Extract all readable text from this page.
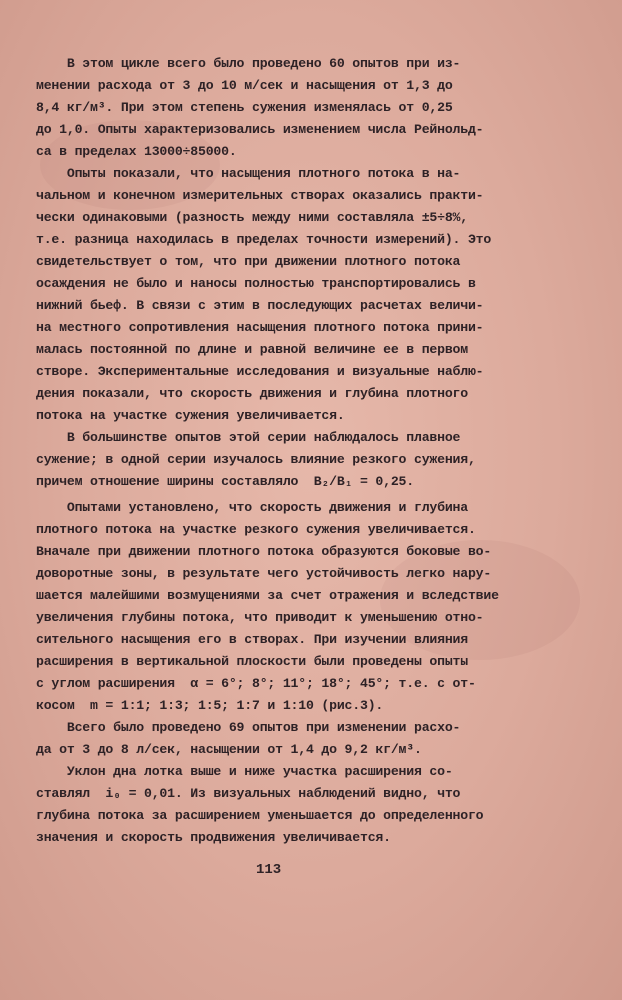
В этом цикле всего было проведено 60 опытов при из-
менении расхода от 3 до 10 м/сек и насыщения от 1,3 до
8,4 кг/м³. При этом степень сужения изменялась от 0,25
до 1,0. Опыты характеризовались изменением числа Рейнольд-
са в пределах 13000÷85000.
Опыты показали, что насыщения плотного потока в на-
чальном и конечном измерительных створах оказались практи-
чески одинаковыми (разность между ними составляла ±5÷8%,
т.е. разница находилась в пределах точности измерений). Это
свидетельствует о том, что при движении плотного потока
осаждения не было и наносы полностью транспортировались в
нижний бьеф. В связи с этим в последующих расчетах величи-
на местного сопротивления насыщения плотного потока прини-
малась постоянной по длине и равной величине ее в первом
створе. Экспериментальные исследования и визуальные наблю-
дения показали, что скорость движения и глубина плотного
потока на участке сужения увеличивается.
В большинстве опытов этой серии наблюдалось плавное
сужение; в одной серии изучалось влияние резкого сужения,
причем отношение ширины составляло  B₂/B₁ = 0,25.
Опытами установлено, что скорость движения и глубина
плотного потока на участке резкого сужения увеличивается.
Вначале при движении плотного потока образуются боковые во-
доворотные зоны, в результате чего устойчивость легко нару-
шается малейшими возмущениями за счет отражения и вследствие
увеличения глубины потока, что приводит к уменьшению отно-
сительного насыщения его в створах. При изучении влияния
расширения в вертикальной плоскости были проведены опыты
с углом расширения  α = 6°; 8°; 11°; 18°; 45°; т.е. с от-
косом  m = 1:1; 1:3; 1:5; 1:7 и 1:10 (рис.3).
Всего было проведено 69 опытов при изменении расхо-
да от 3 до 8 л/сек, насыщении от 1,4 до 9,2 кг/м³.
Уклон дна лотка выше и ниже участка расширения со-
ставлял  i₀ = 0,01. Из визуальных наблюдений видно, что
глубина потока за расширением уменьшается до определенного
значения и скорость продвижения увеличивается.
113
